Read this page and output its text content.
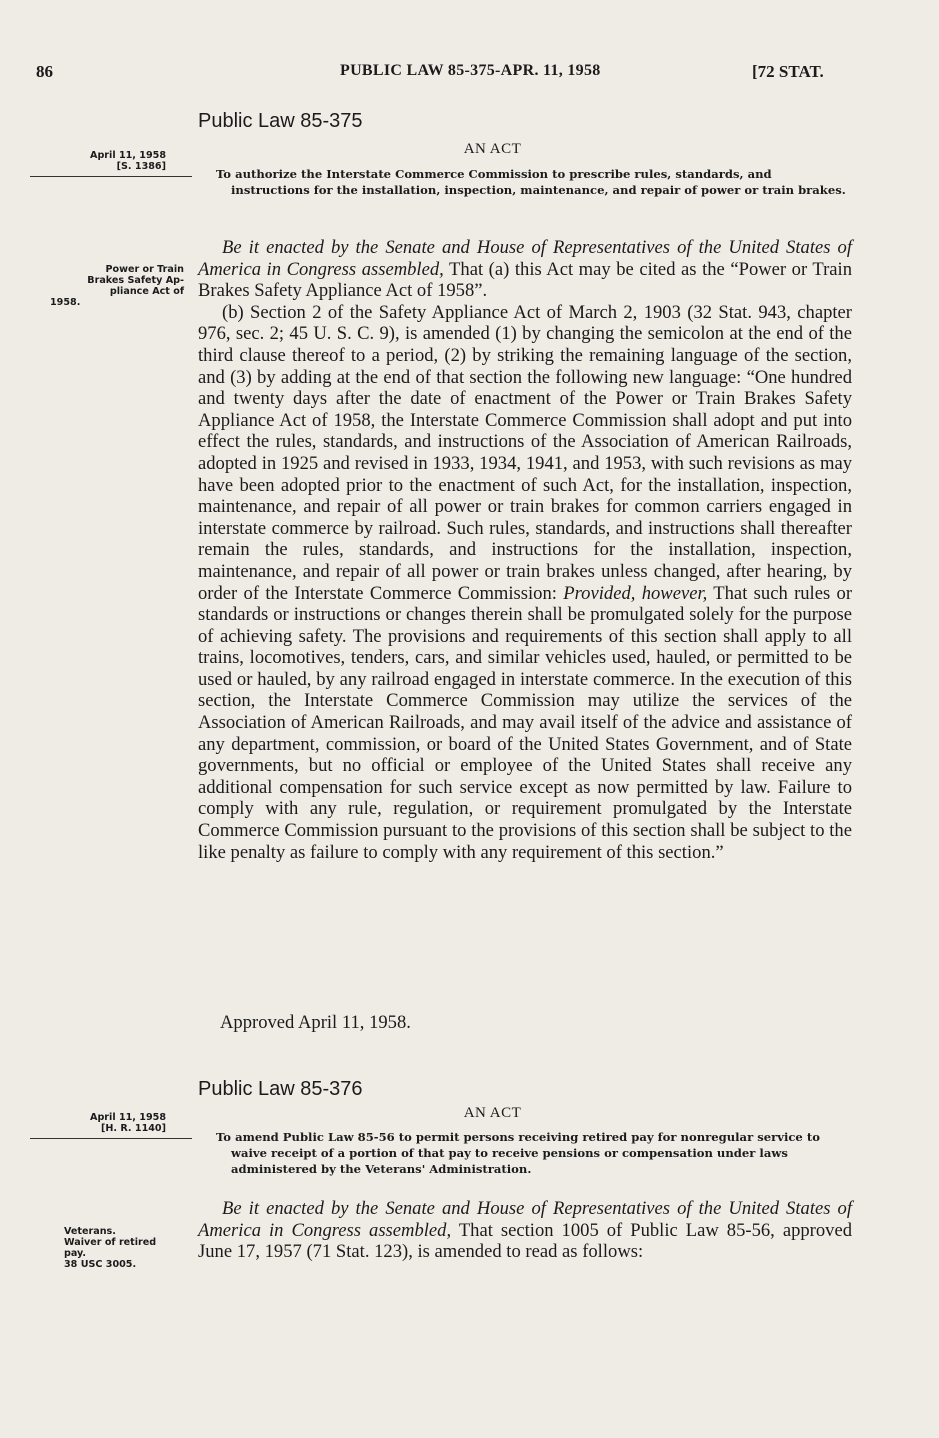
86	PUBLIC LAW 85-375-APR. 11, 1958	[72 STAT.
Public Law 85-375
AN ACT
April 11, 1958
[S. 1386]
To authorize the Interstate Commerce Commission to prescribe rules, standards, and instructions for the installation, inspection, maintenance, and repair of power or train brakes.
Power or Train
Brakes Safety Ap-
pliance Act of
1958.

Be it enacted by the Senate and House of Representatives of the United States of America in Congress assembled, That (a) this Act may be cited as the “Power or Train Brakes Safety Appliance Act of 1958”.

(b) Section 2 of the Safety Appliance Act of March 2, 1903 (32 Stat. 943, chapter 976, sec. 2; 45 U. S. C. 9), is amended (1) by changing the semicolon at the end of the third clause thereof to a period, (2) by striking the remaining language of the section, and (3) by adding at the end of that section the following new language: “One hundred and twenty days after the date of enactment of the Power or Train Brakes Safety Appliance Act of 1958, the Interstate Commerce Commission shall adopt and put into effect the rules, standards, and instructions of the Association of American Railroads, adopted in 1925 and revised in 1933, 1934, 1941, and 1953, with such revisions as may have been adopted prior to the enactment of such Act, for the installation, inspection, maintenance, and repair of all power or train brakes for common carriers engaged in interstate commerce by railroad. Such rules, standards, and instructions shall thereafter remain the rules, standards, and instructions for the installation, inspection, maintenance, and repair of all power or train brakes unless changed, after hearing, by order of the Interstate Commerce Commission: Provided, however, That such rules or standards or instructions or changes therein shall be promulgated solely for the purpose of achieving safety. The provisions and requirements of this section shall apply to all trains, locomotives, tenders, cars, and similar vehicles used, hauled, or permitted to be used or hauled, by any railroad engaged in interstate commerce. In the execution of this section, the Interstate Commerce Commission may utilize the services of the Association of American Railroads, and may avail itself of the advice and assistance of any department, commission, or board of the United States Government, and of State governments, but no official or employee of the United States shall receive any additional compensation for such service except as now permitted by law. Failure to comply with any rule, regulation, or requirement promulgated by the Interstate Commerce Commission pursuant to the provisions of this section shall be subject to the like penalty as failure to comply with any requirement of this section.”

Approved April 11, 1958.
Public Law 85-376
AN ACT
April 11, 1958
[H. R. 1140]
To amend Public Law 85-56 to permit persons receiving retired pay for nonregular service to waive receipt of a portion of that pay to receive pensions or compensation under laws administered by the Veterans' Administration.
Veterans.
Waiver of retired
pay.
38 USC 3005.

Be it enacted by the Senate and House of Representatives of the United States of America in Congress assembled, That section 1005 of Public Law 85-56, approved June 17, 1957 (71 Stat. 123), is amended to read as follows:
